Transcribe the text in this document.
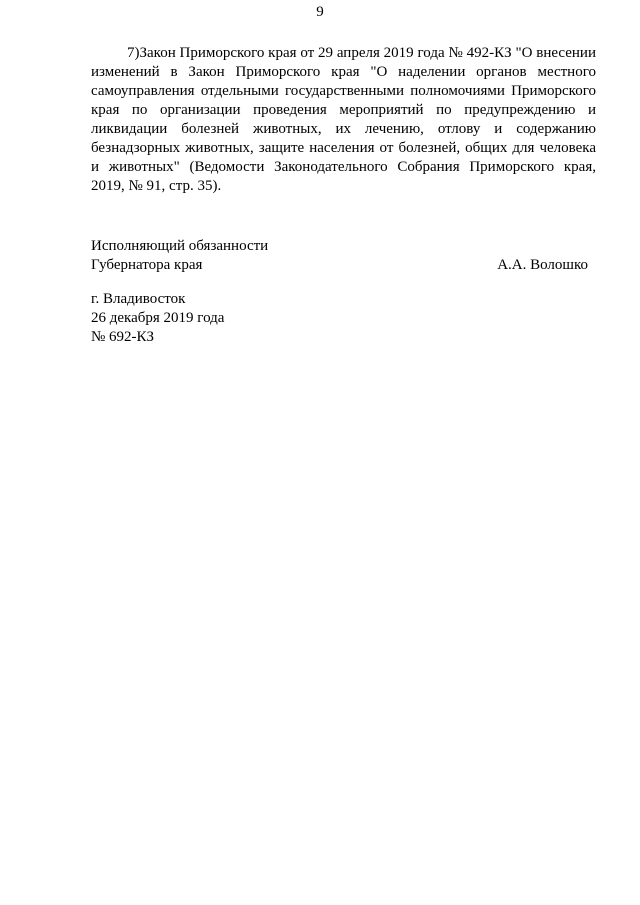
9

7)Закон Приморского края от 29 апреля 2019 года № 492-КЗ "О внесении изменений в Закон Приморского края "О наделении органов местного самоуправления отдельными государственными полномочиями Приморского края по организации проведения мероприятий по предупреждению и ликвидации болезней животных, их лечению, отлову и содержанию безнадзорных животных, защите населения от болезней, общих для человека и животных" (Ведомости Законодательного Собрания Приморского края, 2019, № 91, стр. 35).

Исполняющий обязанности
Губернатора края	А.А. Волошко
г. Владивосток
26 декабря 2019 года
№ 692-КЗ
